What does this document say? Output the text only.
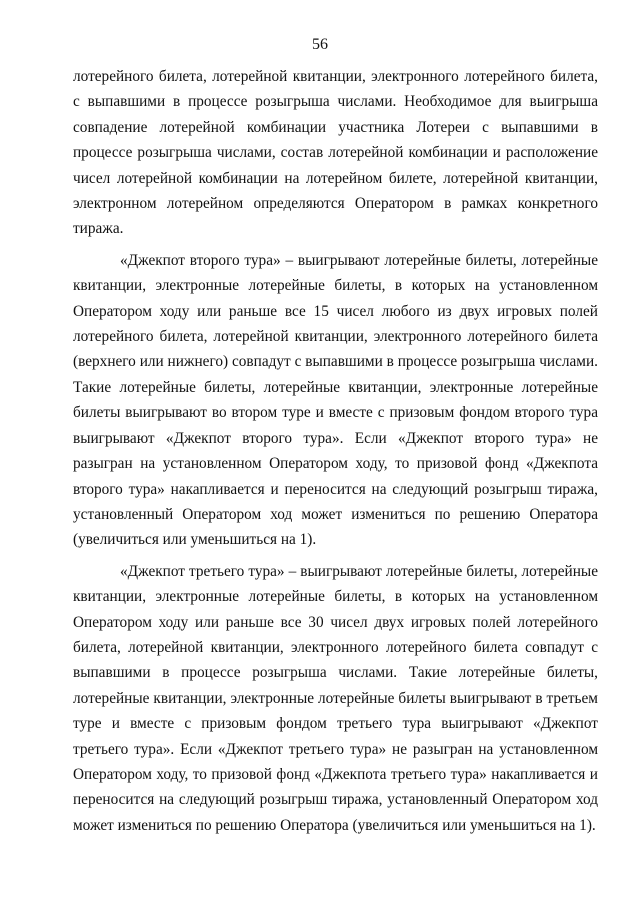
56

лотерейного билета, лотерейной квитанции, электронного лотерейного билета, с выпавшими в процессе розыгрыша числами. Необходимое для выигрыша совпадение лотерейной комбинации участника Лотереи с выпавшими в процессе розыгрыша числами, состав лотерейной комбинации и расположение чисел лотерейной комбинации на лотерейном билете, лотерейной квитанции, электронном лотерейном определяются Оператором в рамках конкретного тиража.

«Джекпот второго тура» – выигрывают лотерейные билеты, лотерейные квитанции, электронные лотерейные билеты, в которых на установленном Оператором ходу или раньше все 15 чисел любого из двух игровых полей лотерейного билета, лотерейной квитанции, электронного лотерейного билета (верхнего или нижнего) совпадут с выпавшими в процессе розыгрыша числами. Такие лотерейные билеты, лотерейные квитанции, электронные лотерейные билеты выигрывают во втором туре и вместе с призовым фондом второго тура выигрывают «Джекпот второго тура». Если «Джекпот второго тура» не разыгран на установленном Оператором ходу, то призовой фонд «Джекпота второго тура» накапливается и переносится на следующий розыгрыш тиража, установленный Оператором ход может измениться по решению Оператора (увеличиться или уменьшиться на 1).

«Джекпот третьего тура» – выигрывают лотерейные билеты, лотерейные квитанции, электронные лотерейные билеты, в которых на установленном Оператором ходу или раньше все 30 чисел двух игровых полей лотерейного билета, лотерейной квитанции, электронного лотерейного билета совпадут с выпавшими в процессе розыгрыша числами. Такие лотерейные билеты, лотерейные квитанции, электронные лотерейные билеты выигрывают в третьем туре и вместе с призовым фондом третьего тура выигрывают «Джекпот третьего тура». Если «Джекпот третьего тура» не разыгран на установленном Оператором ходу, то призовой фонд «Джекпота третьего тура» накапливается и переносится на следующий розыгрыш тиража, установленный Оператором ход может измениться по решению Оператора (увеличиться или уменьшиться на 1).
